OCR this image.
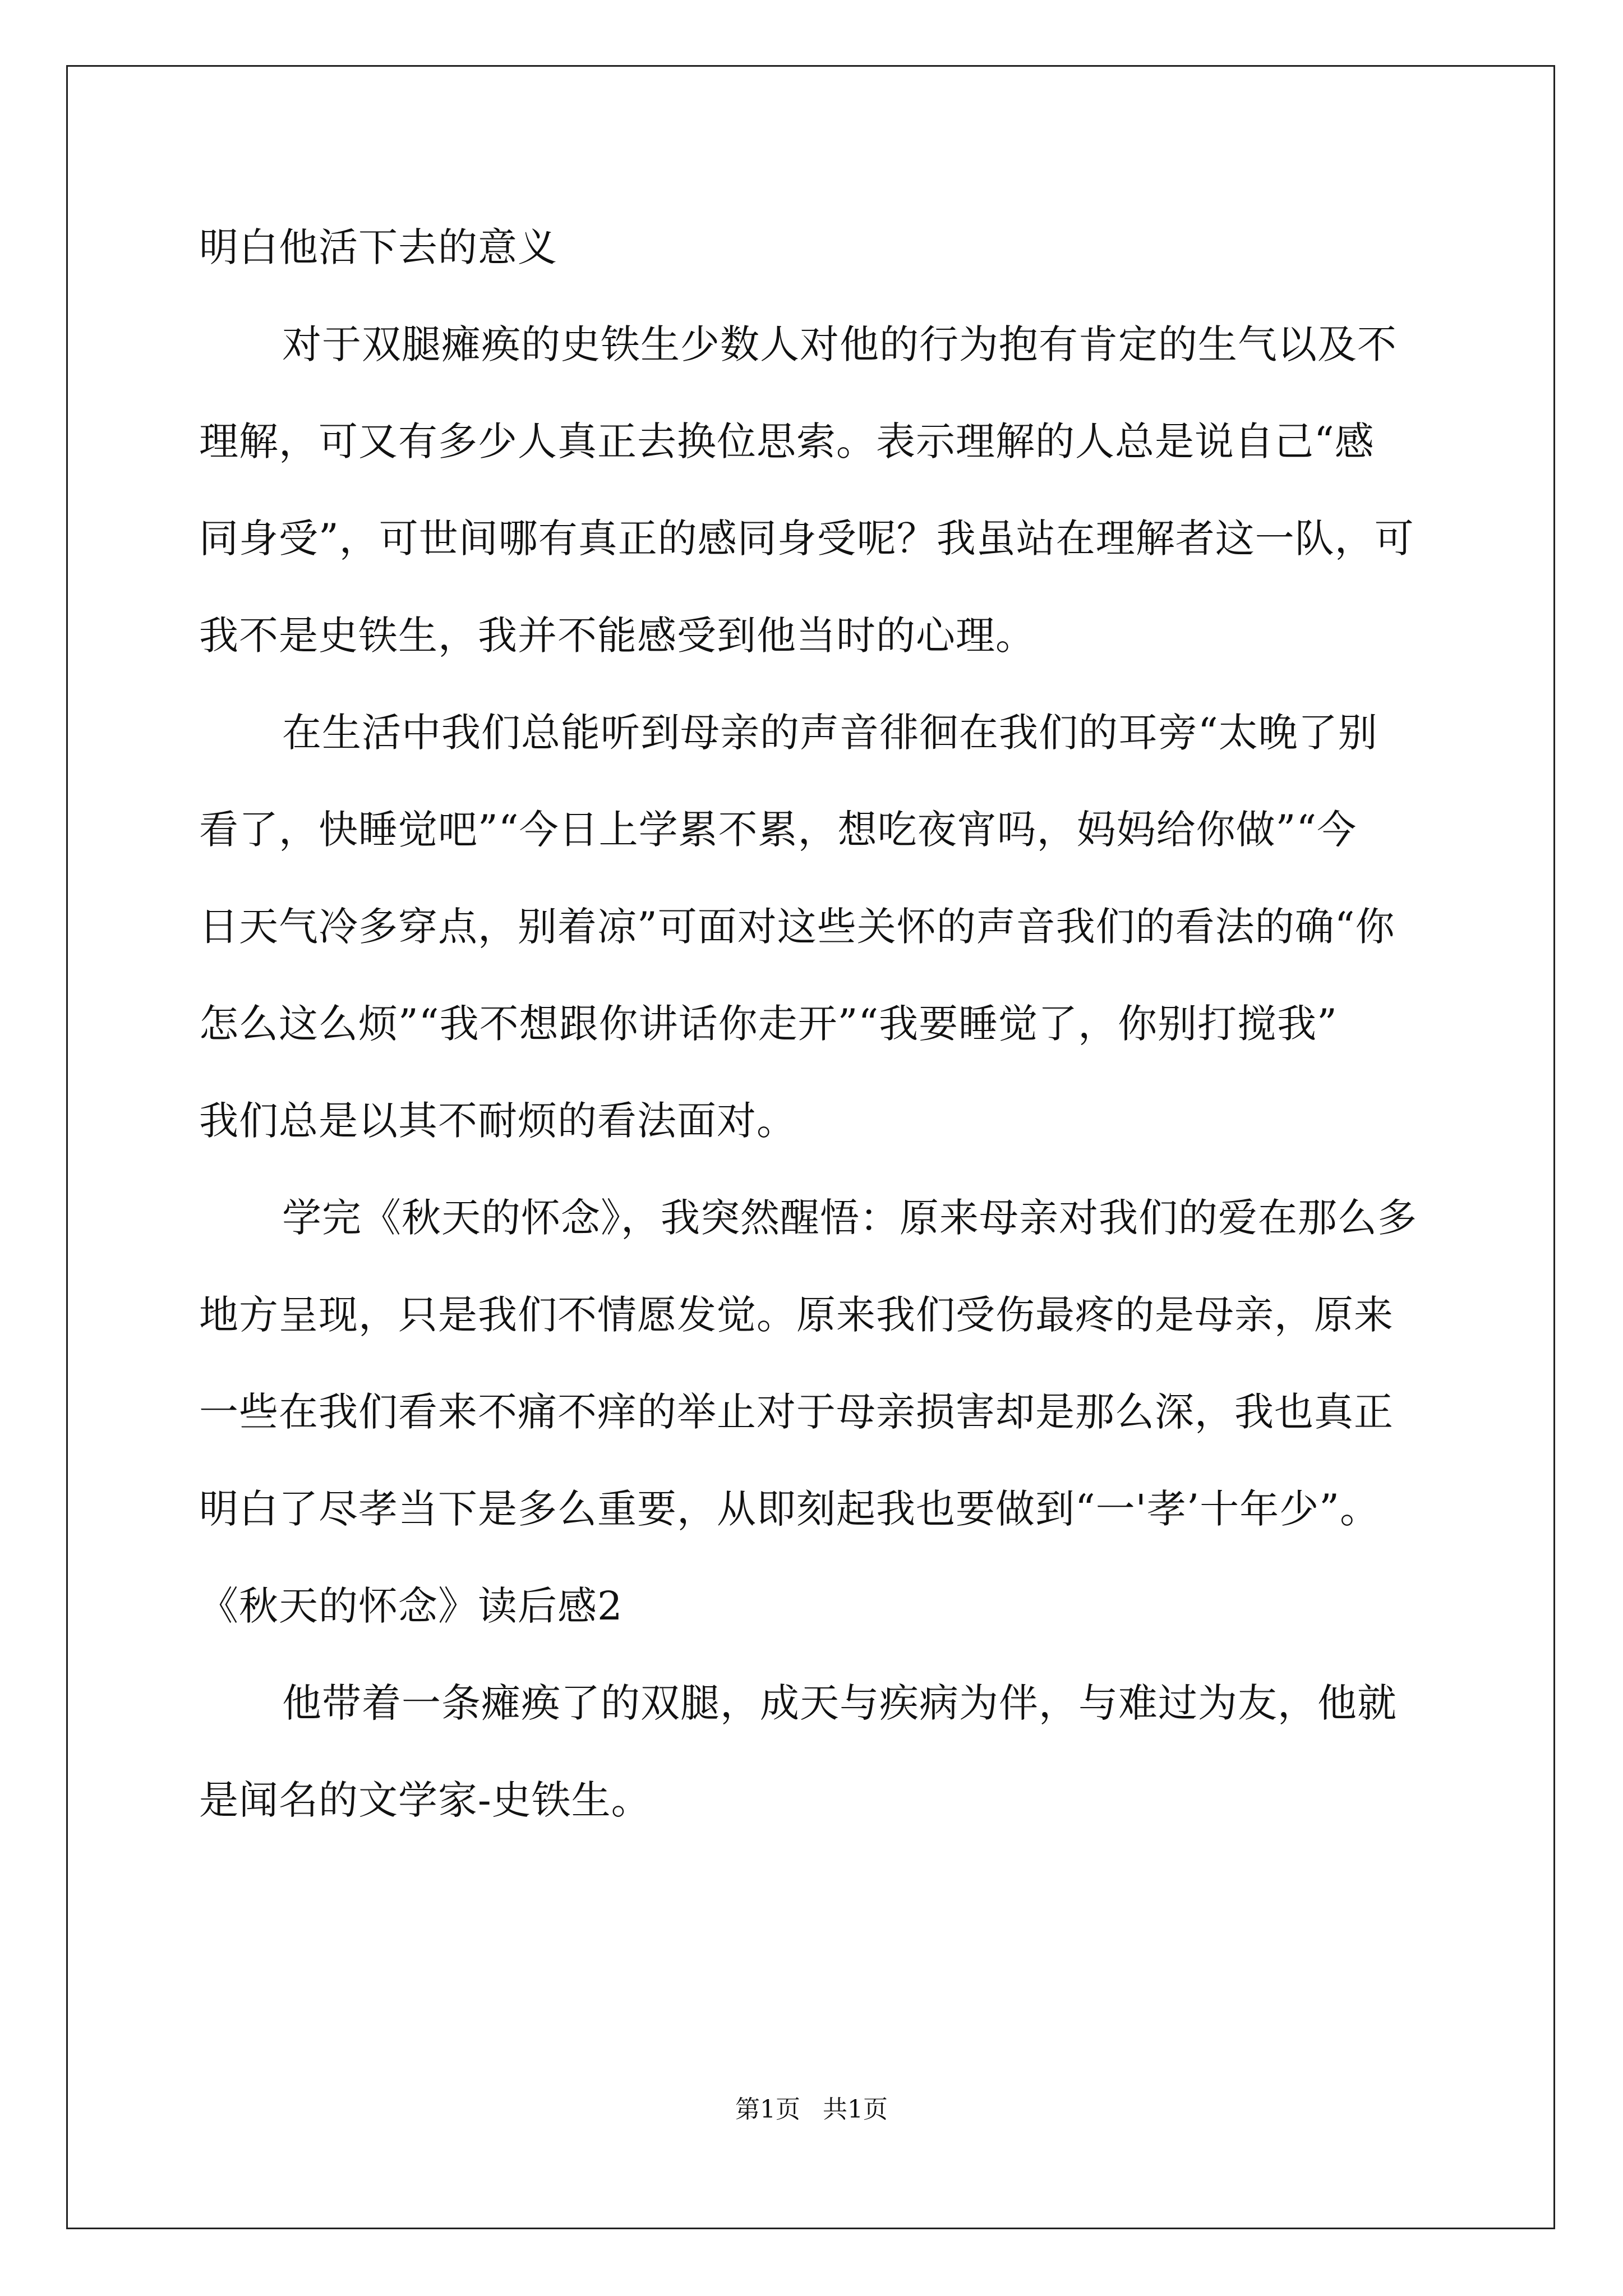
明白他活下去的意义
对于双腿瘫痪的史铁生少数人对他的行为抱有肯定的生气以及不
理解，可又有多少人真正去换位思索。表示理解的人总是说自己“感
同身受”，可世间哪有真正的感同身受呢？我虽站在理解者这一队，可
我不是史铁生，我并不能感受到他当时的心理。
在生活中我们总能听到母亲的声音徘徊在我们的耳旁“太晚了别
看了，快睡觉吧”“今日上学累不累，想吃夜宵吗，妈妈给你做”“今
日天气冷多穿点，别着凉”可面对这些关怀的声音我们的看法的确“你
怎么这么烦”“我不想跟你讲话你走开”“我要睡觉了，你别打搅我”
我们总是以其不耐烦的看法面对。
学完《秋天的怀念》，我突然醒悟：原来母亲对我们的爱在那么多
地方呈现，只是我们不情愿发觉。原来我们受伤最疼的是母亲，原来
一些在我们看来不痛不痒的举止对于母亲损害却是那么深，我也真正
明白了尽孝当下是多么重要，从即刻起我也要做到“一'孝’十年少”。
《秋天的怀念》读后感2
他带着一条瘫痪了的双腿，成天与疾病为伴，与难过为友，他就
是闻名的文学家-史铁生。
第1页 共1页
